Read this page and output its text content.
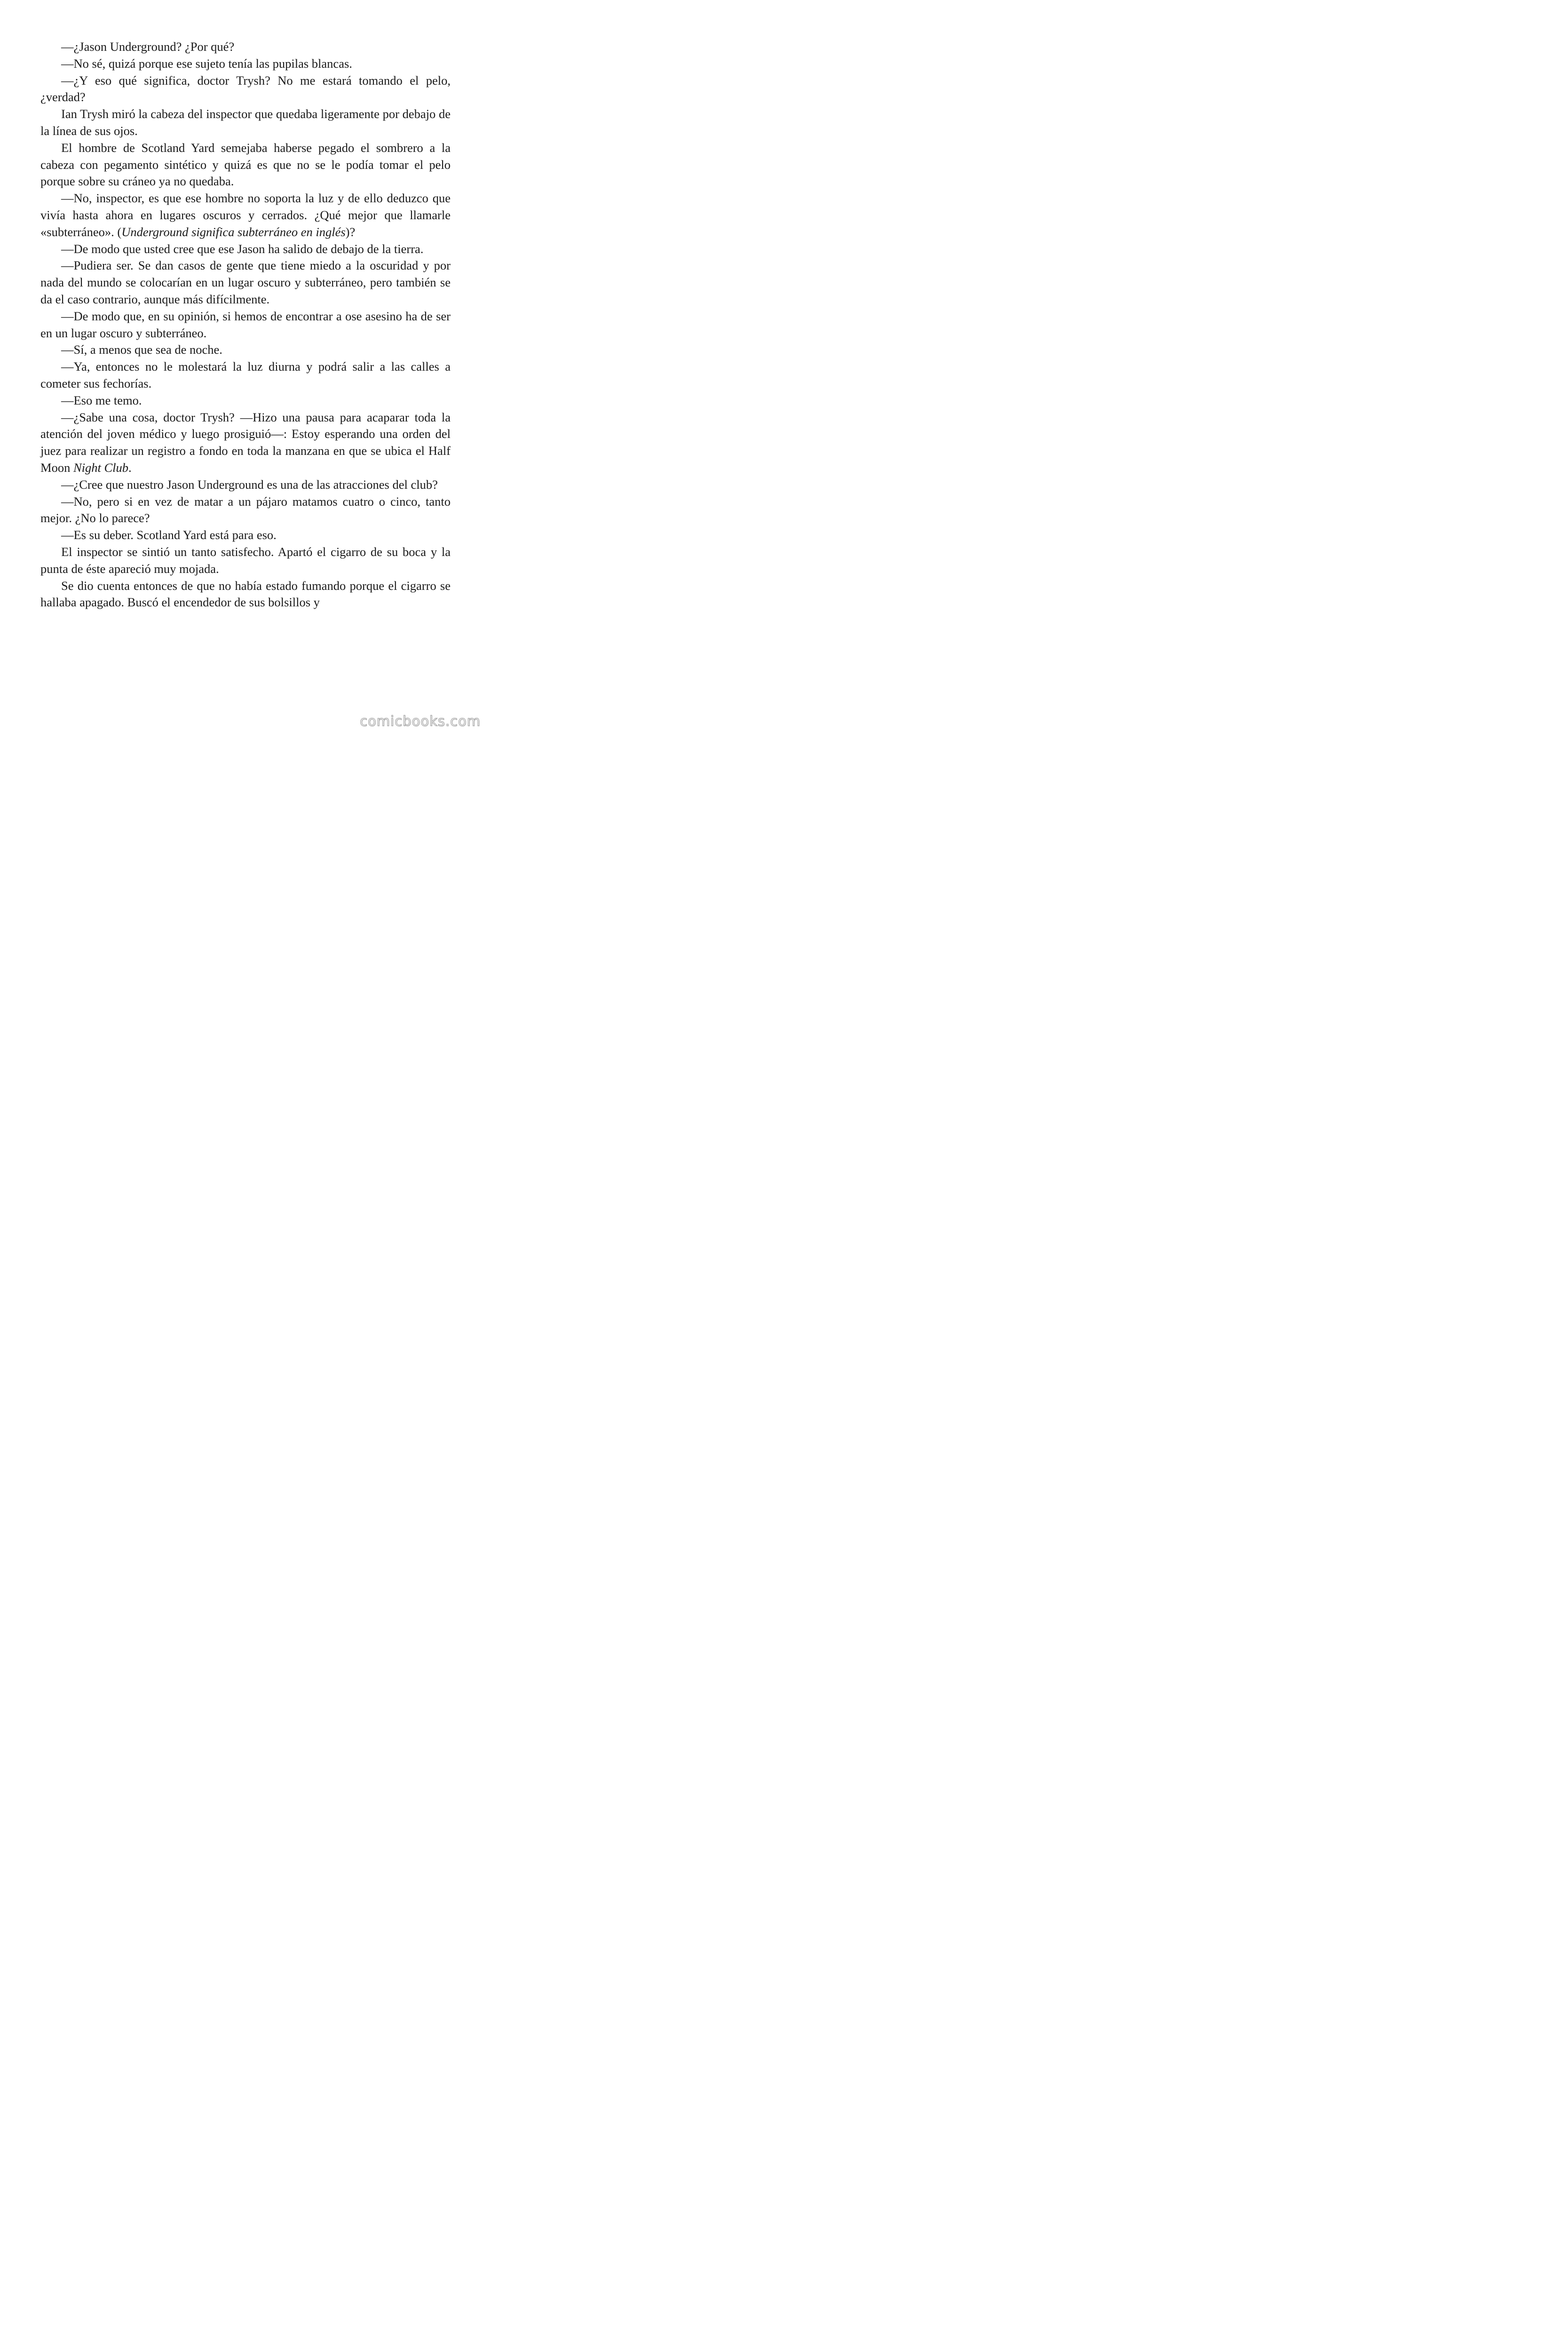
—¿Jason Underground? ¿Por qué?

—No sé, quizá porque ese sujeto tenía las pupilas blancas.

—¿Y eso qué significa, doctor Trysh? No me estará tomando el pelo, ¿verdad?

Ian Trysh miró la cabeza del inspector que quedaba ligeramente por debajo de la línea de sus ojos.

El hombre de Scotland Yard semejaba haberse pegado el sombrero a la cabeza con pegamento sintético y quizá es que no se le podía tomar el pelo porque sobre su cráneo ya no quedaba.

—No, inspector, es que ese hombre no soporta la luz y de ello deduzco que vivía hasta ahora en lugares oscuros y cerrados. ¿Qué mejor que llamarle «subterráneo». (Underground significa subterráneo en inglés)?

—De modo que usted cree que ese Jason ha salido de debajo de la tierra.

—Pudiera ser. Se dan casos de gente que tiene miedo a la oscuridad y por nada del mundo se colocarían en un lugar oscuro y subterráneo, pero también se da el caso contrario, aunque más difícilmente.

—De modo que, en su opinión, si hemos de encontrar a ose asesino ha de ser en un lugar oscuro y subterráneo.

—Sí, a menos que sea de noche.

—Ya, entonces no le molestará la luz diurna y podrá salir a las calles a cometer sus fechorías.

—Eso me temo.

—¿Sabe una cosa, doctor Trysh? —Hizo una pausa para acaparar toda la atención del joven médico y luego prosiguió—: Estoy esperando una orden del juez para realizar un registro a fondo en toda la manzana en que se ubica el Half Moon Night Club.

—¿Cree que nuestro Jason Underground es una de las atracciones del club?

—No, pero si en vez de matar a un pájaro matamos cuatro o cinco, tanto mejor. ¿No lo parece?

—Es su deber. Scotland Yard está para eso.

El inspector se sintió un tanto satisfecho. Apartó el cigarro de su boca y la punta de éste apareció muy mojada.

Se dio cuenta entonces de que no había estado fumando porque el cigarro se hallaba apagado. Buscó el encendedor de sus bolsillos y

comicbooks.com
